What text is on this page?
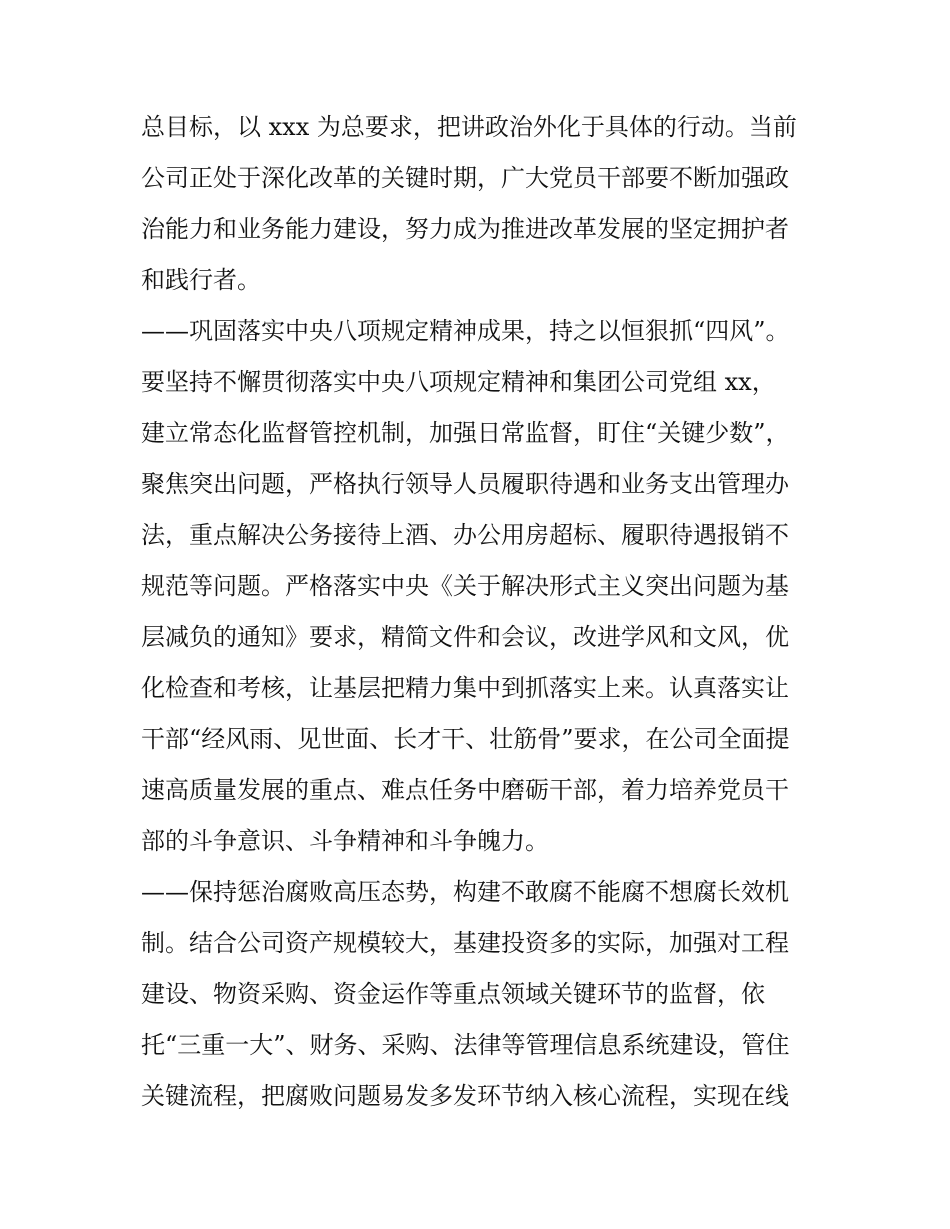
总目标，以 xxx 为总要求，把讲政治外化于具体的行动。当前
公司正处于深化改革的关键时期，广大党员干部要不断加强政
治能力和业务能力建设，努力成为推进改革发展的坚定拥护者
和践行者。
——巩固落实中央八项规定精神成果，持之以恒狠抓“四风”。
要坚持不懈贯彻落实中央八项规定精神和集团公司党组 xx，
建立常态化监督管控机制，加强日常监督，盯住“关键少数”，
聚焦突出问题，严格执行领导人员履职待遇和业务支出管理办
法，重点解决公务接待上酒、办公用房超标、履职待遇报销不
规范等问题。严格落实中央《关于解决形式主义突出问题为基
层减负的通知》要求，精简文件和会议，改进学风和文风，优
化检查和考核，让基层把精力集中到抓落实上来。认真落实让
干部“经风雨、见世面、长才干、壮筋骨”要求，在公司全面提
速高质量发展的重点、难点任务中磨砺干部，着力培养党员干
部的斗争意识、斗争精神和斗争魄力。
——保持惩治腐败高压态势，构建不敢腐不能腐不想腐长效机
制。结合公司资产规模较大，基建投资多的实际，加强对工程
建设、物资采购、资金运作等重点领域关键环节的监督，依
托“三重一大”、财务、采购、法律等管理信息系统建设，管住
关键流程，把腐败问题易发多发环节纳入核心流程，实现在线
